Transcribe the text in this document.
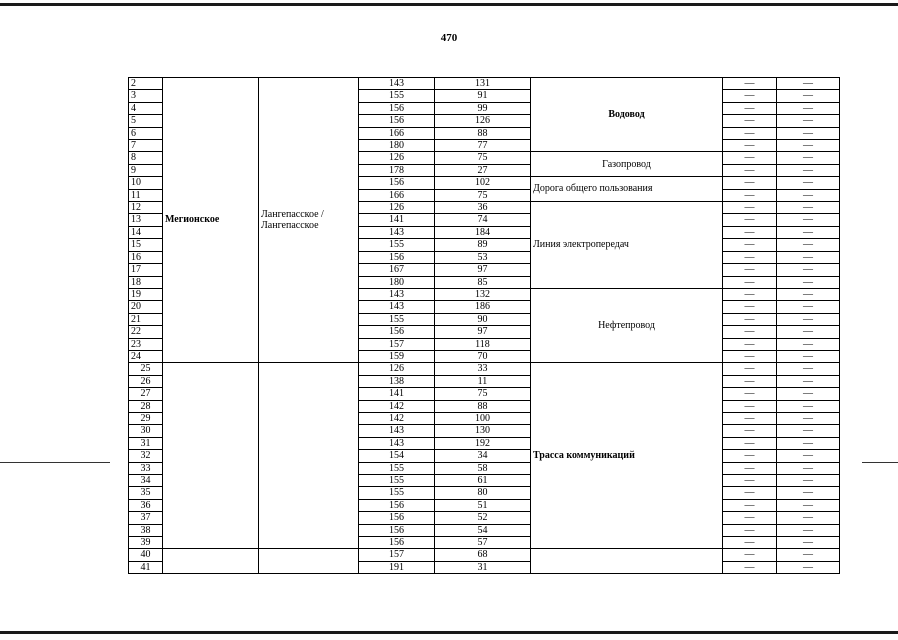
470
2	Мегионское	Лангепасское / Лангепасское	143	131	Водовод	—	—
3			155	91		—	—
4			156	99		—	—
5			156	126		—	—
6			166	88		—	—
7			180	77		—	—
8			126	75	Газопровод	—	—
9			178	27		—	—
10			156	102	Дорога общего пользования	—	—
11			166	75		—	—
12			126	36	Линия электропередач	—	—
13			141	74		—	—
14			143	184		—	—
15			155	89		—	—
16			156	53		—	—
17			167	97		—	—
18			180	85		—	—
19			143	132	Нефтепровод	—	—
20			143	186		—	—
21			155	90		—	—
22			156	97		—	—
23			157	118		—	—
24			159	70		—	—
25			126	33	Трасса коммуникаций	—	—
26			138	11		—	—
27			141	75		—	—
28			142	88		—	—
29			142	100		—	—
30			143	130		—	—
31			143	192		—	—
32			154	34		—	—
33			155	58		—	—
34			155	61		—	—
35			155	80		—	—
36			156	51		—	—
37			156	52		—	—
38			156	54		—	—
39			156	57		—	—
40			157	68		—	—
41			191	31		—	—
